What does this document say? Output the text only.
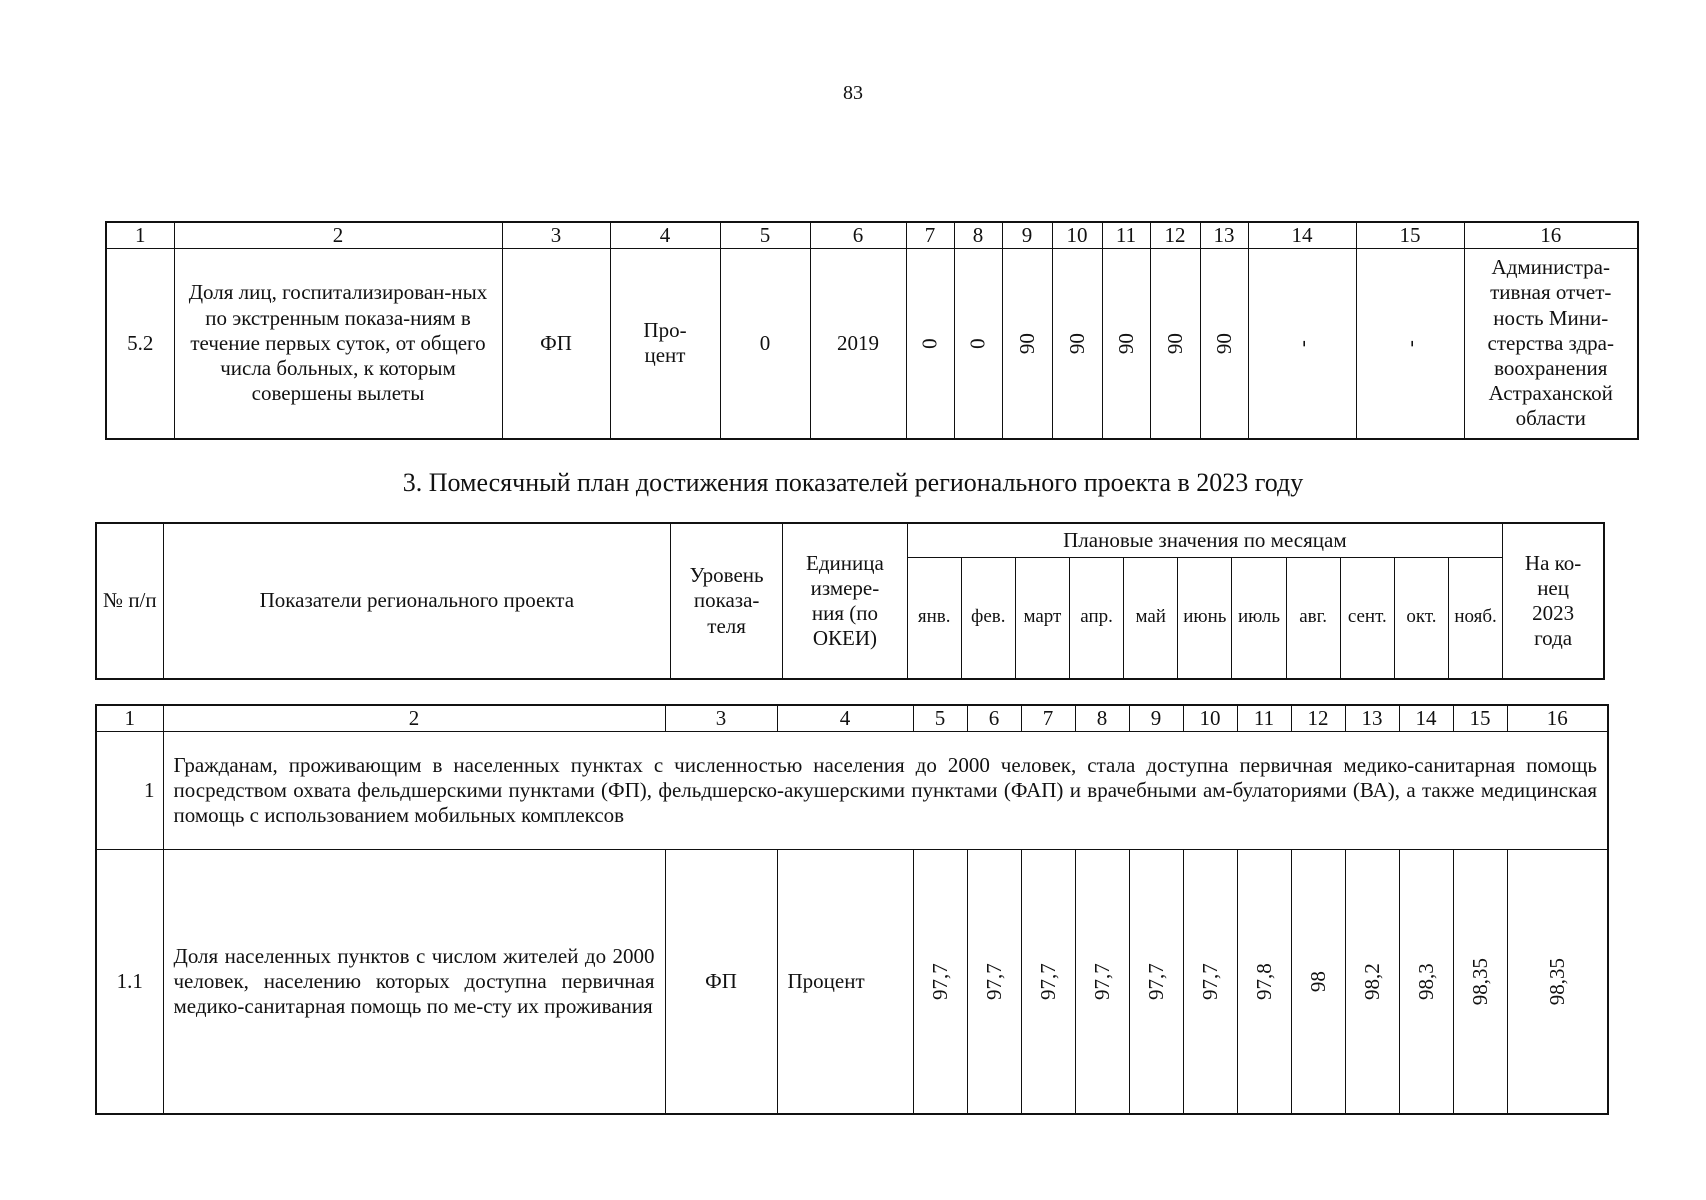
83
1	2	3	4	5	6	7	8	9	10	11	12	13	14	15	16
5.2	Доля лиц, госпитализирован-ных по экстренным показа-ниям в течение первых суток, от общего числа больных, к которым совершены вылеты	ФП	Про-цент	0	2019	0	0	90	90	90	90	90	-	-	Администра-тивная отчет-ность Мини-стерства здра-воохранения Астраханской области
3. Помесячный план достижения показателей регионального проекта в 2023 году
№ п/п	Показатели регионального проекта	Уровень показа-теля	Единица измере-ния (по ОКЕИ)	Плановые значения по месяцам											На ко-нец 2023 года
				янв.	фев.	март	апр.	май	июнь	июль	авг.	сент.	окт.	нояб.	
1	2	3	4	5	6	7	8	9	10	11	12	13	14	15	16
1	Гражданам, проживающим в населенных пунктах с численностью населения до 2000 человек, стала доступна первичная медико-санитарная помощь посредством охвата фельдшерскими пунктами (ФП), фельдшерско-акушерскими пунктами (ФАП) и врачебными ам-булаториями (ВА), а также медицинская помощь с использованием мобильных комплексов														
1.1	Доля населенных пунктов с числом жителей до 2000 человек, населению которых доступна первичная медико-санитарная помощь по ме-сту их проживания	ФП	Процент	97,7	97,7	97,7	97,7	97,7	97,7	97,8	98	98,2	98,3	98,35	98,35
